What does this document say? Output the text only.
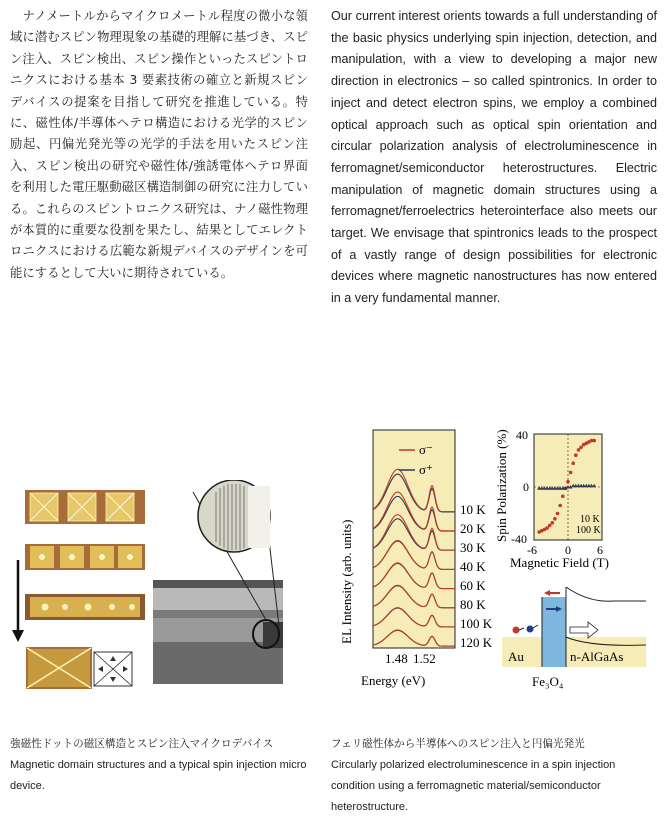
　ナノメートルからマイクロメートル程度の微小な領域に潜むスピン物理現象の基礎的理解に基づき、スピン注入、スピン検出、スピン操作といったスピントロニクスにおける基本 3 要素技術の確立と新規スピンデバイスの提案を目指して研究を推進している。特に、磁性体/半導体ヘテロ構造における光学的スピン励起、円偏光発光等の光学的手法を用いたスピン注入、スピン検出の研究や磁性体/強誘電体ヘテロ界面を利用した電圧駆動磁区構造制御の研究に注力している。これらのスピントロニクス研究は、ナノ磁性物理が本質的に重要な役割を果たし、結果としてエレクトロニクスにおける広範な新規デバイスのデザインを可能にするとして大いに期待されている。
Our current interest orients towards a full understanding of the basic physics underlying spin injection, detection, and manipulation, with a view to developing a major new direction in electronics – so called spintronics. In order to inject and detect electron spins, we employ a combined optical approach such as optical spin orientation and circular polarization analysis of electroluminescence in ferromagnet/semiconductor heterostructures. Electric manipulation of magnetic domain structures using a ferromagnet/ferroelectrics heterointerface also meets our target. We envisage that spintronics leads to the prospect of a vastly range of design possibilities for electronic devices where magnetic nanostructures has now entered in a very fundamental manner.
σ⁻
σ⁺
10 K
20 K
30 K
40 K
60 K
80 K
100 K
120 K
1.48 1.52
Energy (eV)
EL Intensity (arb. units)
10 K
100 K
40
0
-40
-6 0 6
Magnetic Field (T)
Spin Polarization (%)
Au	n-AlGaAs
Fe₃O₄
強磁性ドットの磁区構造とスピン注入マイクロデバイス
Magnetic domain structures and a typical spin injection micro device.
フェリ磁性体から半導体へのスピン注入と円偏光発光
Circularly polarized electroluminescence in a spin injection condition using a ferromagnetic material/semiconductor heterostructure.
